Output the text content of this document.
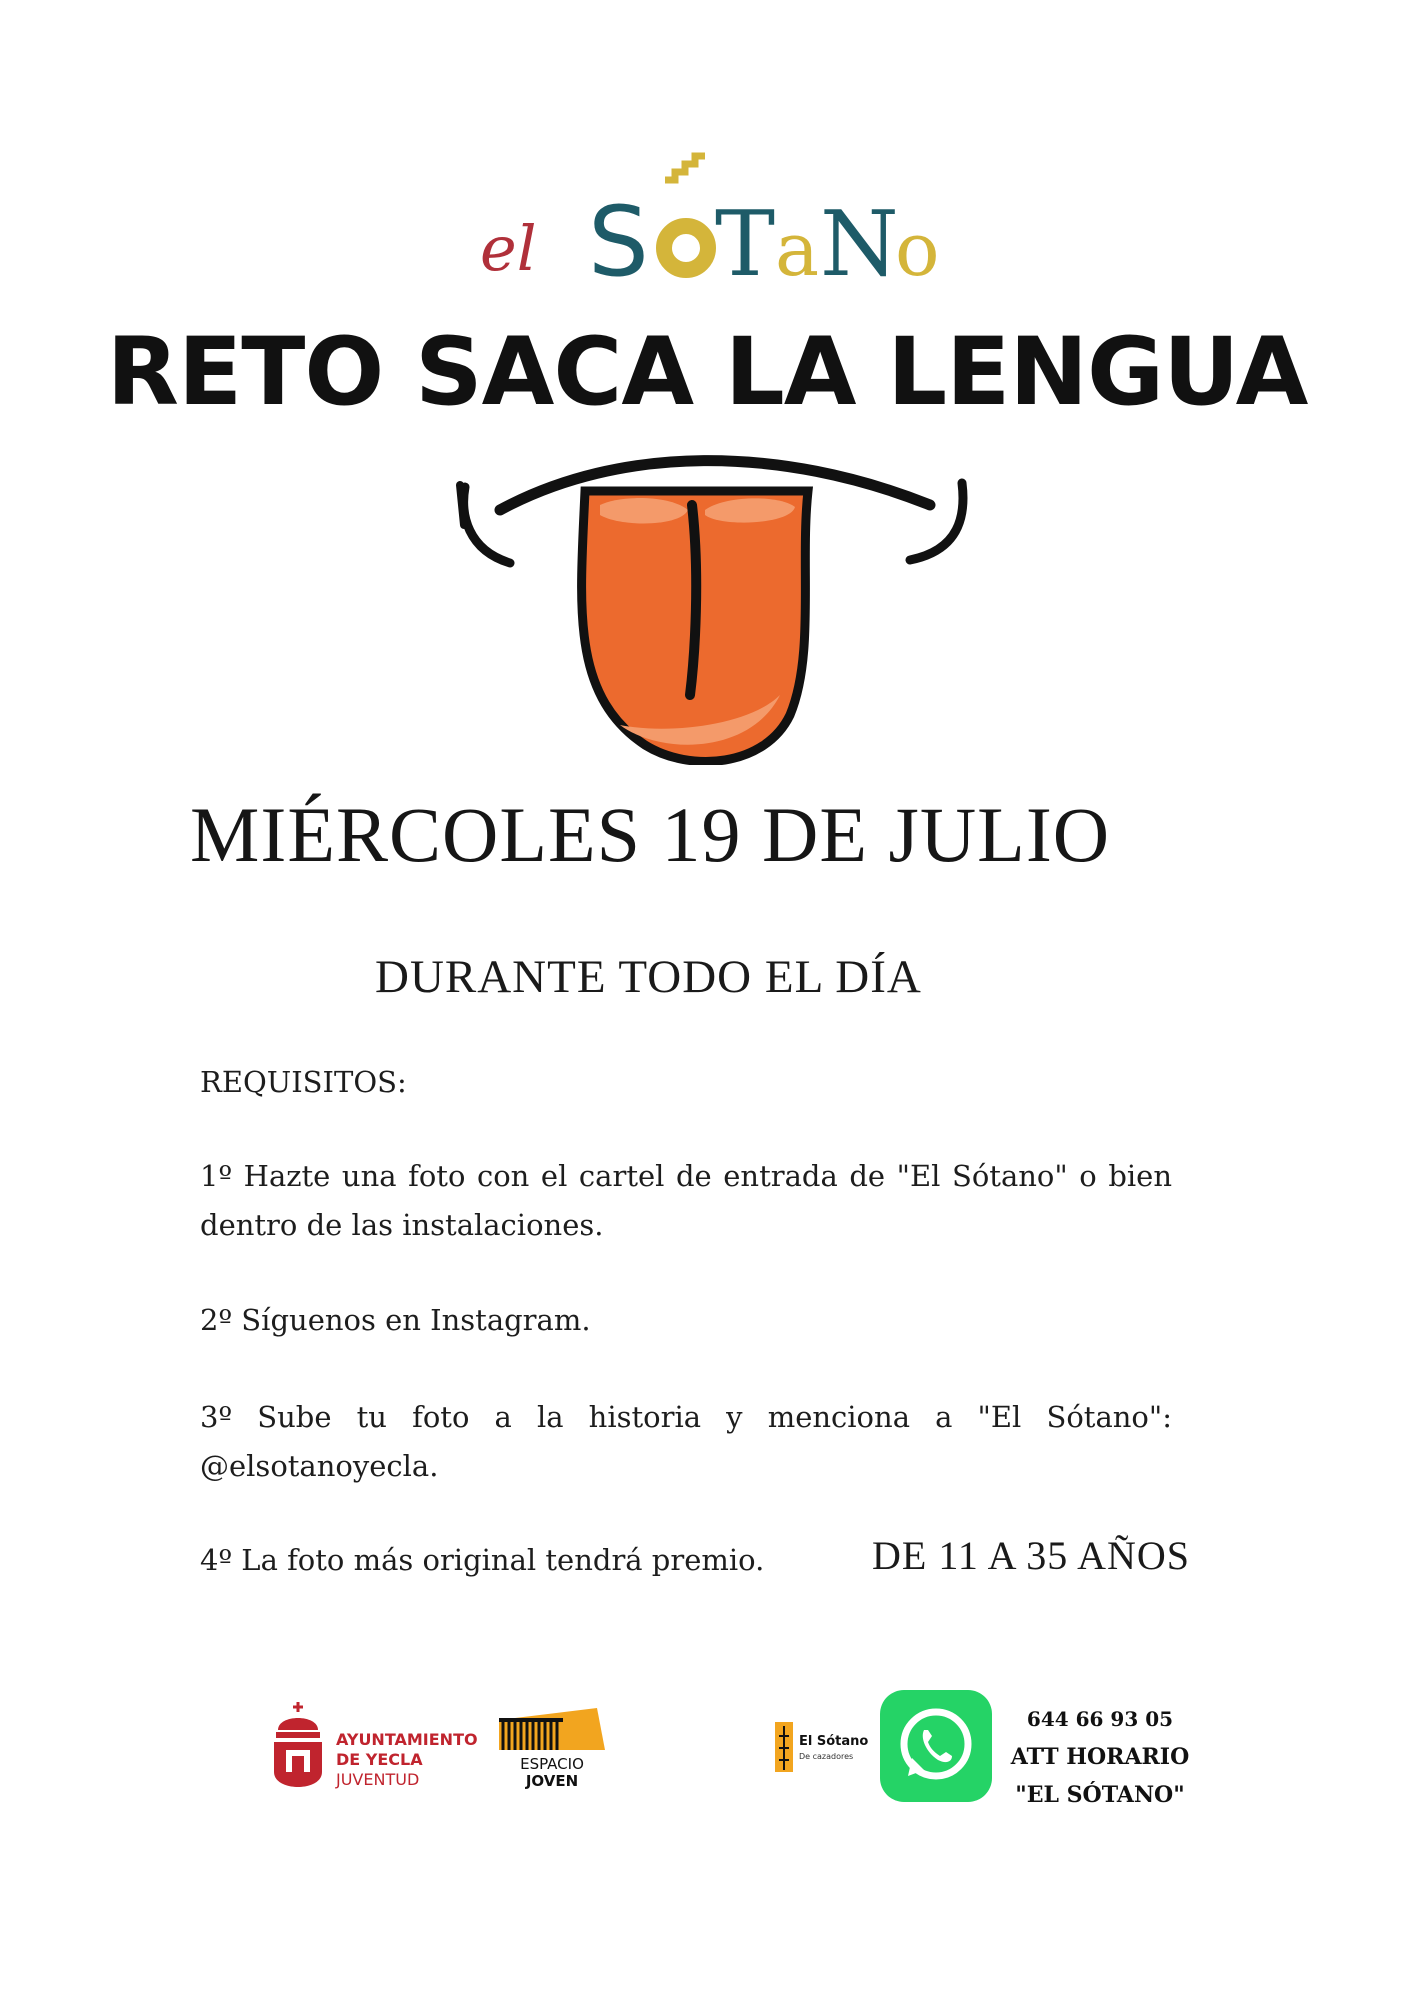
el S T a N
o
RETO SACA LA LENGUA
MIÉRCOLES 19 DE JULIO
DURANTE TODO EL DÍA
REQUISITOS:
1º Hazte una foto con el cartel de entrada de "El Sótano" o bien dentro de las instalaciones.
2º Síguenos en Instagram.
3º Sube tu foto a la historia y menciona a "El Sótano": @elsotanoyecla.
4º La foto más original tendrá premio.	DE 11 A 35 AÑOS
AYUNTAMIENTO
DE YECLA
JUVENTUD
ESPACIO
JOVEN
El Sótano
De cazadores
644 66 93 05
ATT HORARIO
"EL SÓTANO"
